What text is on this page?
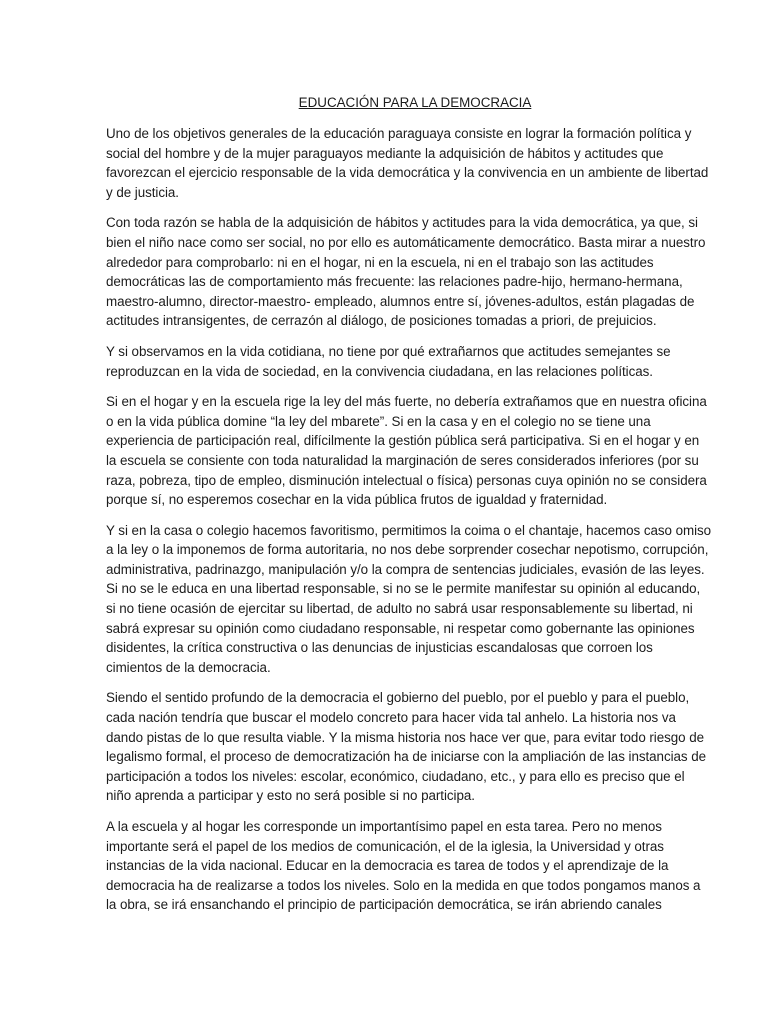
EDUCACIÓN PARA LA DEMOCRACIA

Uno de los objetivos generales de la educación paraguaya consiste en lograr la formación política y social del hombre y de la mujer paraguayos mediante la adquisición de hábitos y actitudes que favorezcan el ejercicio responsable de la vida democrática y la convivencia en un ambiente de libertad y de justicia.

Con toda razón se habla de la adquisición de hábitos y actitudes para la vida democrática, ya que, si bien el niño nace como ser social, no por ello es automáticamente democrático. Basta mirar a nuestro alrededor para comprobarlo: ni en el hogar, ni en la escuela, ni en el trabajo son las actitudes democráticas las de comportamiento más frecuente: las relaciones padre-hijo, hermano-hermana, maestro-alumno, director-maestro- empleado, alumnos entre sí, jóvenes-adultos, están plagadas de actitudes intransigentes, de cerrazón al diálogo, de posiciones tomadas a priori, de prejuicios.

Y si observamos en la vida cotidiana, no tiene por qué extrañarnos que actitudes semejantes se reproduzcan en la vida de sociedad, en la convivencia ciudadana, en las relaciones políticas.

Si en el hogar y en la escuela rige la ley del más fuerte, no debería extrañamos que en nuestra oficina o en la vida pública domine “la ley del mbarete”. Si en la casa y en el colegio no se tiene una experiencia de participación real, difícilmente la gestión pública será participativa. Si en el hogar y en la escuela se consiente con toda naturalidad la marginación de seres considerados inferiores (por su raza, pobreza, tipo de empleo, disminución intelectual o física) personas cuya opinión no se considera porque sí, no esperemos cosechar en la vida pública frutos de igualdad y fraternidad.

Y si en la casa o colegio hacemos favoritismo, permitimos la coima o el chantaje, hacemos caso omiso a la ley o la imponemos de forma autoritaria, no nos debe sorprender cosechar nepotismo, corrupción, administrativa, padrinazgo, manipulación y/o la compra de sentencias judiciales, evasión de las leyes. Si no se le educa en una libertad responsable, si no se le permite manifestar su opinión al educando, si no tiene ocasión de ejercitar su libertad, de adulto no sabrá usar responsablemente su libertad, ni sabrá expresar su opinión como ciudadano responsable, ni respetar como gobernante las opiniones disidentes, la crítica constructiva o las denuncias de injusticias escandalosas que corroen los cimientos de la democracia.

Siendo el sentido profundo de la democracia el gobierno del pueblo, por el pueblo y para el pueblo, cada nación tendría que buscar el modelo concreto para hacer vida tal anhelo. La historia nos va dando pistas de lo que resulta viable. Y la misma historia nos hace ver que, para evitar todo riesgo de legalismo formal, el proceso de democratización ha de iniciarse con la ampliación de las instancias de participación a todos los niveles: escolar, económico, ciudadano, etc., y para ello es preciso que el niño aprenda a participar y esto no será posible si no participa.

A la escuela y al hogar les corresponde un importantísimo papel en esta tarea. Pero no menos importante será el papel de los medios de comunicación, el de la iglesia, la Universidad y otras instancias de la vida nacional. Educar en la democracia es tarea de todos y el aprendizaje de la democracia ha de realizarse a todos los niveles. Solo en la medida en que todos pongamos manos a la obra, se irá ensanchando el principio de participación democrática, se irán abriendo canales
